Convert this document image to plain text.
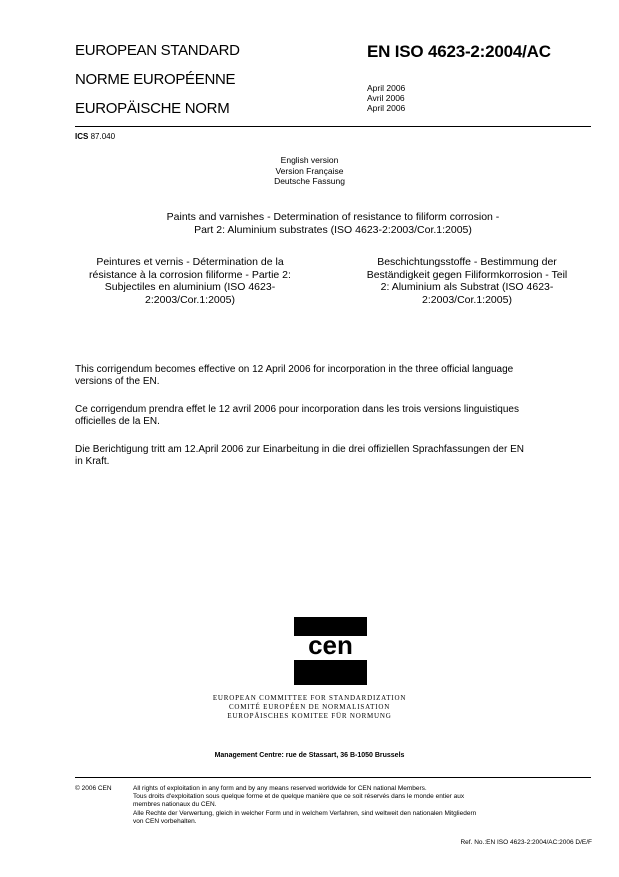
EUROPEAN STANDARD
NORME EUROPÉENNE
EUROPÄISCHE NORM
EN ISO 4623-2:2004/AC
April 2006
Avril 2006
April 2006
ICS 87.040
English version
Version Française
Deutsche Fassung
Paints and varnishes - Determination of resistance to filiform corrosion -
Part 2: Aluminium substrates (ISO 4623-2:2003/Cor.1:2005)
Peintures et vernis - Détermination de la
résistance à la corrosion filiforme - Partie 2:
Subjectiles en aluminium (ISO 4623-
2:2003/Cor.1:2005)
Beschichtungsstoffe - Bestimmung der
Beständigkeit gegen Filiformkorrosion - Teil
2: Aluminium als Substrat (ISO 4623-
2:2003/Cor.1:2005)
This corrigendum becomes effective on 12 April 2006 for incorporation in the three official language
versions of the EN.
Ce corrigendum prendra effet le 12 avril 2006 pour incorporation dans les trois versions linguistiques
officielles de la EN.
Die Berichtigung tritt am 12.April 2006 zur Einarbeitung in die drei offiziellen Sprachfassungen der EN
in Kraft.
cen
EUROPEAN COMMITTEE FOR STANDARDIZATION
COMITÉ EUROPÉEN DE NORMALISATION
EUROPÄISCHES KOMITEE FÜR NORMUNG
Management Centre: rue de Stassart, 36 B-1050 Brussels
© 2006 CEN	All rights of exploitation in any form and by any means reserved worldwide for CEN national Members.
Tous droits d'exploitation sous quelque forme et de quelque manière que ce soit réservés dans le monde entier aux
membres nationaux du CEN.
Alle Rechte der Verwertung, gleich in welcher Form und in welchem Verfahren, sind weltweit den nationalen Mitgliedern
von CEN vorbehalten.
Ref. No.:EN ISO 4623-2:2004/AC:2006 D/E/F
